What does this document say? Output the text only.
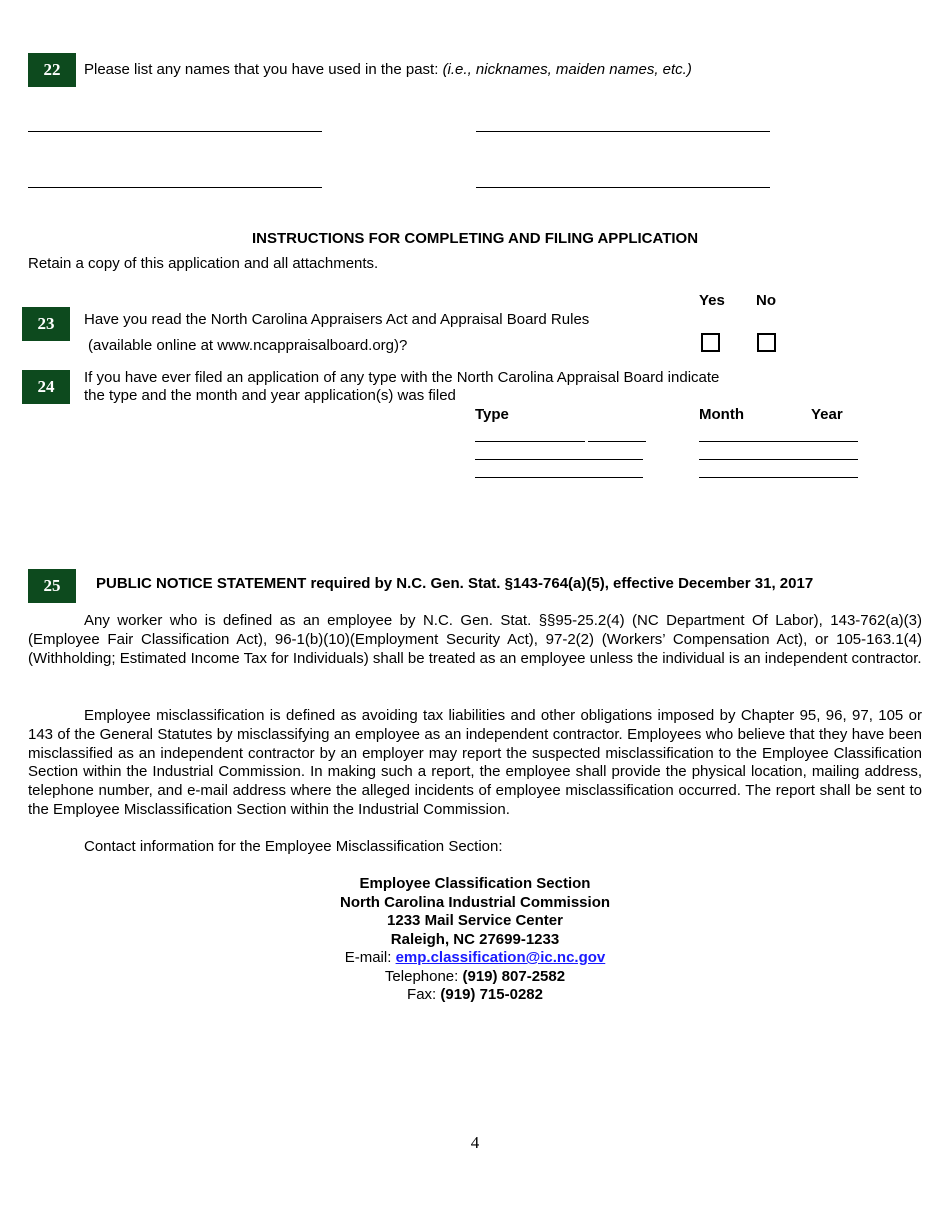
22	Please list any names that you have used in the past: (i.e., nicknames, maiden names, etc.)
INSTRUCTIONS FOR COMPLETING AND FILING APPLICATION
Retain a copy of this application and all attachments.
Yes No
23	Have you read the North Carolina Appraisers Act and Appraisal Board Rules
(available online at www.ncappraisalboard.org)?
24	If you have ever filed an application of any type with the North Carolina Appraisal Board indicate
the type and the month and year application(s) was filed
Type	Month	Year
25	PUBLIC NOTICE STATEMENT required by N.C. Gen. Stat. §143-764(a)(5), effective December 31, 2017
Any worker who is defined as an employee by N.C. Gen. Stat. §§95-25.2(4) (NC Department Of Labor), 143-762(a)(3) (Employee Fair Classification Act), 96-1(b)(10)(Employment Security Act), 97-2(2) (Workers’ Compensation Act), or 105-163.1(4) (Withholding; Estimated Income Tax for Individuals) shall be treated as an employee unless the individual is an independent contractor.
Employee misclassification is defined as avoiding tax liabilities and other obligations imposed by Chapter 95, 96, 97, 105 or 143 of the General Statutes by misclassifying an employee as an independent contractor. Employees who believe that they have been misclassified as an independent contractor by an employer may report the suspected misclassification to the Employee Classification Section within the Industrial Commission. In making such a report, the employee shall provide the physical location, mailing address, telephone number, and e-mail address where the alleged incidents of employee misclassification occurred. The report shall be sent to the Employee Misclassification Section within the Industrial Commission.
Contact information for the Employee Misclassification Section:
Employee Classification Section
North Carolina Industrial Commission
1233 Mail Service Center
Raleigh, NC 27699-1233
E-mail: emp.classification@ic.nc.gov
Telephone: (919) 807-2582
Fax: (919) 715-0282
4
